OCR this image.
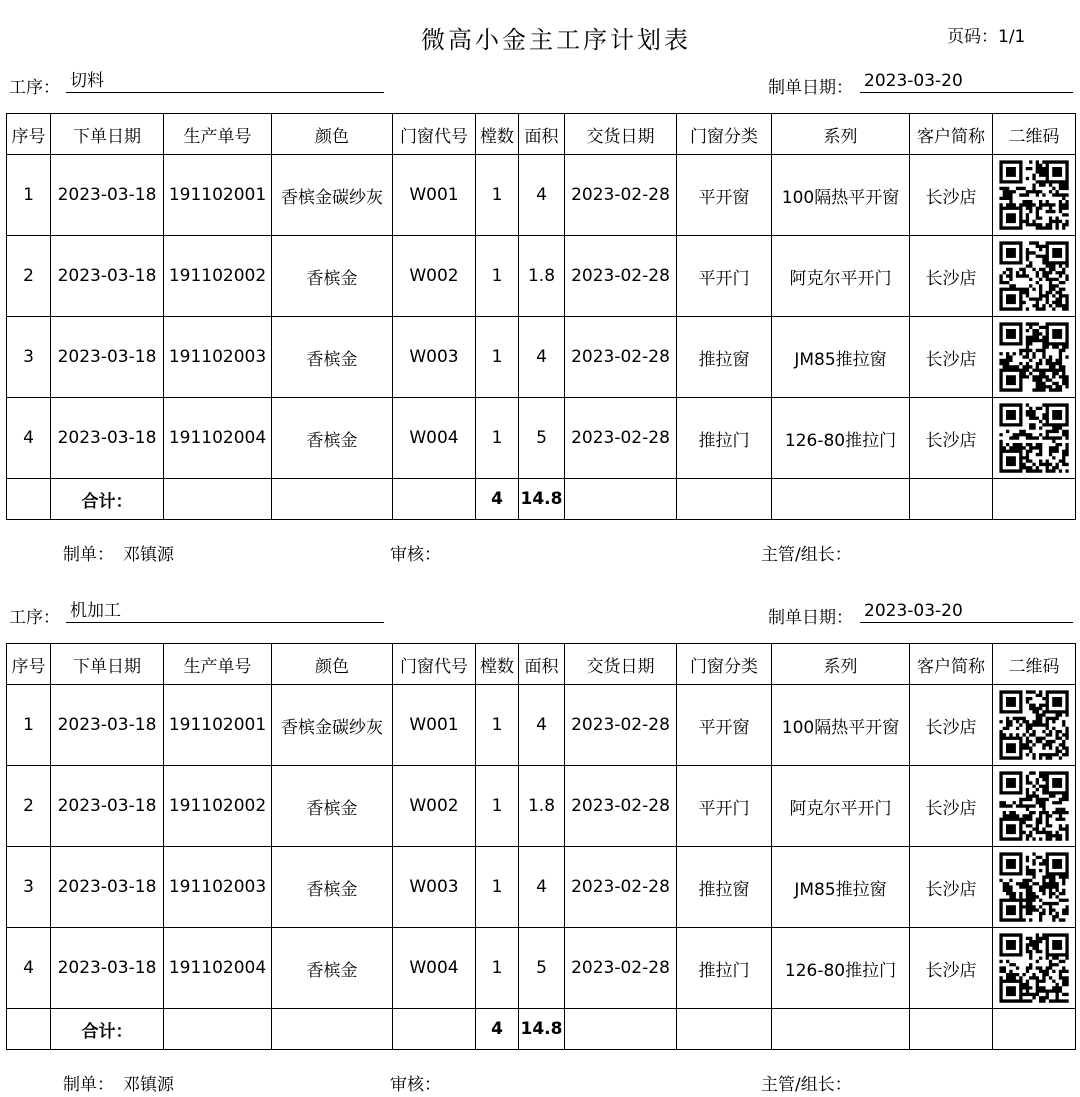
微高小金主工序计划表	页码：1/1
工序： 切料	制单日期： 2023-03-20
序号	下单日期	生产单号	颜色	门窗代号	樘数	面积	交货日期	门窗分类	系列	客户简称	二维码
1	2023-03-18	191102001	香槟金碳纱灰	W001	1	4	2023-02-28	平开窗	100隔热平开窗	长沙店	

2	2023-03-18	191102002	香槟金	W002	1	1.8	2023-02-28	平开门	阿克尔平开门	长沙店	

3	2023-03-18	191102003	香槟金	W003	1	4	2023-02-28	推拉窗	JM85推拉窗	长沙店	

4	2023-03-18	191102004	香槟金	W004	1	5	2023-02-28	推拉门	126-80推拉门	长沙店	

	合计：				4	14.8					
制单： 邓镇源	审核：	主管/组长：
工序： 机加工	制单日期： 2023-03-20
序号	下单日期	生产单号	颜色	门窗代号	樘数	面积	交货日期	门窗分类	系列	客户简称	二维码
1	2023-03-18	191102001	香槟金碳纱灰	W001	1	4	2023-02-28	平开窗	100隔热平开窗	长沙店	

2	2023-03-18	191102002	香槟金	W002	1	1.8	2023-02-28	平开门	阿克尔平开门	长沙店	

3	2023-03-18	191102003	香槟金	W003	1	4	2023-02-28	推拉窗	JM85推拉窗	长沙店	

4	2023-03-18	191102004	香槟金	W004	1	5	2023-02-28	推拉门	126-80推拉门	长沙店	

	合计：				4	14.8					
制单： 邓镇源	审核：	主管/组长：
